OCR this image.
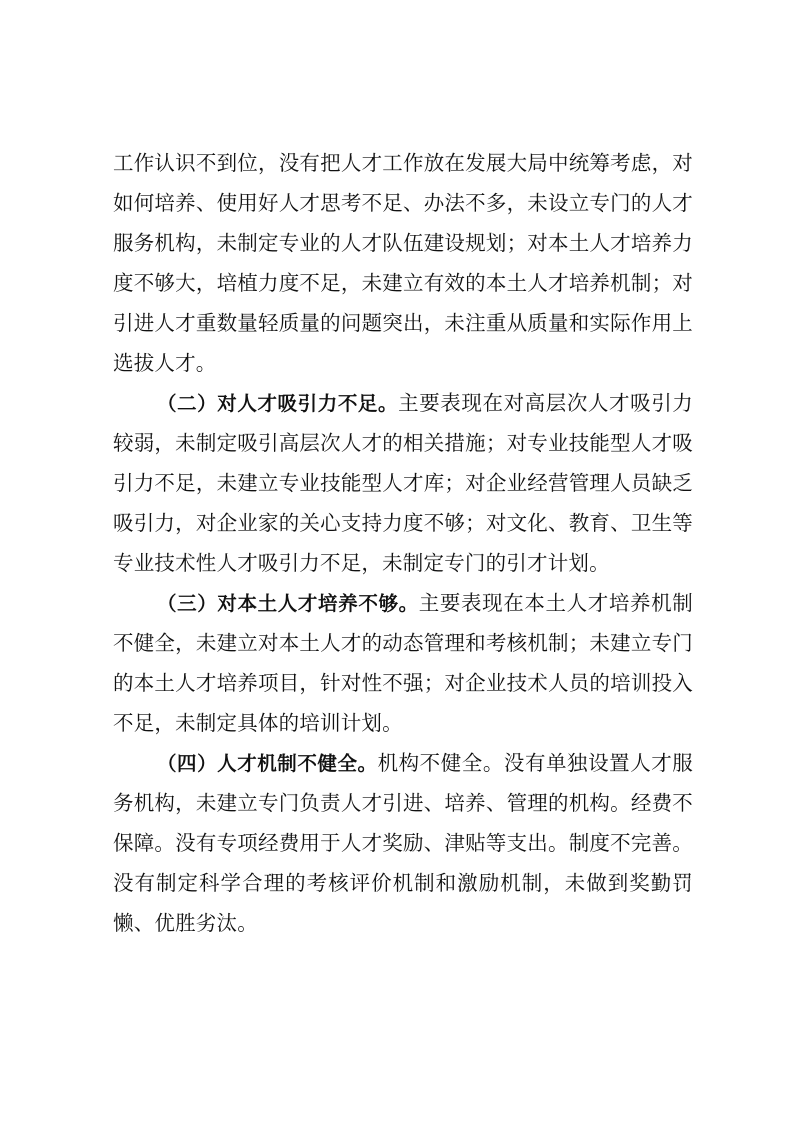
工作认识不到位，没有把人才工作放在发展大局中统筹考虑，对
如何培养、使用好人才思考不足、办法不多，未设立专门的人才
服务机构，未制定专业的人才队伍建设规划；对本土人才培养力
度不够大，培植力度不足，未建立有效的本土人才培养机制；对
引进人才重数量轻质量的问题突出，未注重从质量和实际作用上
选拔人才。
（二）对人才吸引力不足。主要表现在对高层次人才吸引力
较弱，未制定吸引高层次人才的相关措施；对专业技能型人才吸
引力不足，未建立专业技能型人才库；对企业经营管理人员缺乏
吸引力，对企业家的关心支持力度不够；对文化、教育、卫生等
专业技术性人才吸引力不足，未制定专门的引才计划。
（三）对本土人才培养不够。主要表现在本土人才培养机制
不健全，未建立对本土人才的动态管理和考核机制；未建立专门
的本土人才培养项目，针对性不强；对企业技术人员的培训投入
不足，未制定具体的培训计划。
（四）人才机制不健全。机构不健全。没有单独设置人才服
务机构，未建立专门负责人才引进、培养、管理的机构。经费不
保障。没有专项经费用于人才奖励、津贴等支出。制度不完善。
没有制定科学合理的考核评价机制和激励机制，未做到奖勤罚
懒、优胜劣汰。
